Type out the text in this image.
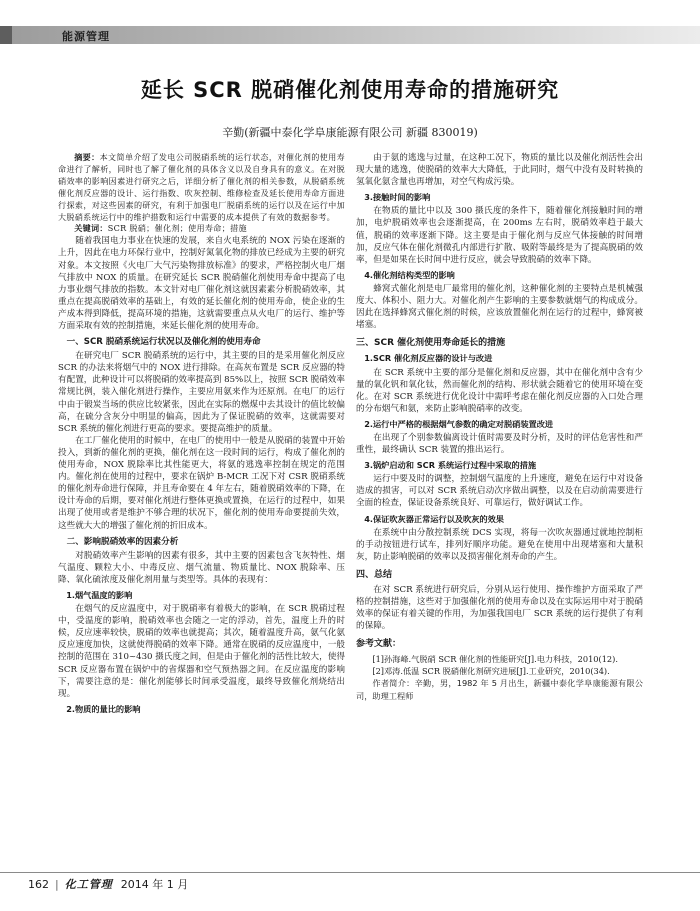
能源管理
延长 SCR 脱硝催化剂使用寿命的措施研究
辛勤(新疆中泰化学阜康能源有限公司 新疆 830019)

摘要：本文简单介绍了发电公司脱硝系统的运行状态，对催化剂的使用寿命进行了解析，同时也了解了催化剂的具体含义以及自身具有的意义。在对脱硝效率的影响因素进行研究之后，详细分析了催化剂的相关参数，从脱硝系统催化剂反应器的设计、运行指数、吹灰控制、维修检查及延长使用寿命方面进行探索，对这些因素的研究，有利于加强电厂脱硝系统的运行以及在运行中加大脱硝系统运行中的维护措数和运行中需要的成本提供了有效的数据参考。

关键词：SCR 脱硝；催化剂；使用寿命；措施

随着我国电力事业在快速的发展，来自火电系统的 NOX 污染在逐渐的上升，因此在电力环保行业中，控制好氮氧化物的排放已经成为主要的研究对象。本文按照《火电厂大气污染物排放标准》的要求，严格控制火电厂烟气排放中 NOX 的质量。在研究延长 SCR 脱硝催化剂使用寿命中提高了电力事业烟气排放的指数。本文针对电厂催化剂这就因素素分析脱硝效率，其重点在提高脱硝效率的基础上，有效的延长催化剂的使用寿命，使企业的生产成本得到降低，提高环境的措施，这就需要重点从火电厂的运行、维护等方面采取有效的控制措施，来延长催化剂的使用寿命。

一、SCR 脱硝系统运行状况以及催化剂的使用寿命

在研究电厂 SCR 脱硝系统的运行中，其主要的目的是采用催化剂反应 SCR 的办法来将烟气中的 NOX 进行排除。在高灰布置是 SCR 反应器的特有配置，此种设计可以将脱硝的效率提高到 85%以上，按照 SCR 脱硝效率常规比例，装入催化剂进行操作，主要应用氨来作为还原剂。在电厂的运行中由于锻炭当场的供应比较紧张，因此在实际的燃煤中去其设计的值比较偏高，在硫分含灰分中明显的偏高，因此为了保证脱硝的效率，这就需要对 SCR 系统的催化剂进行更高的要求。要提高维护的质量。

在工厂催化使用的时候中，在电厂的使用中一般是从脱硝的装置中开始投入，到新的催化剂的更换，催化剂在这一段时间的运行，构成了催化剂的使用寿命，NOX 脱除率比其性能更大，将氨的逃逸率控制在规定的范围内。催化剂在使用的过程中，要求在锅炉 B-MCR 工况下对 CSR 脱硝系统的催化剂寿命进行保障，并且寿命要在 4 年左右，随着脱硝效率的下降，在设计寿命的后期，要对催化剂进行整体更换或置换，在运行的过程中，如果出现了使用或者是维护不够合理的状况下，催化剂的使用寿命要提前失效，这些就大大的增强了催化剂的折旧成本。

二、影响脱硝效率的因素分析

对脱硝效率产生影响的因素有很多，其中主要的因素包含飞灰特性、烟气温度、颗粒大小、中毒反应、烟气流量、物质量比、NOX 脱除率、压降、氧化硫浓度及催化剂用量与类型等。具体的表现有：

1.烟气温度的影响

在烟气的反应温度中，对于脱硝率有着极大的影响，在 SCR 脱硝过程中，受温度的影响，脱硝效率也会随之一定的浮动，首先，温度上升的时候，反应速率较快，脱硝的效率也就提高；其次，随着温度升高，氨气化氨反应速度加快，这就使得脱硝的效率下降。通常在脱硝的反应温度中，一般控制的范围在 310~430 摄氏度之间，但是由于催化剂的活性比较大，使得 SCR 反应器布置在锅炉中的省煤器和空气预热器之间。在反应温度的影响下，需要注意的是：催化剂能够长时间承受温度，最终导致催化剂烧结出现。

2.物质的量比的影响

由于氨的逃逸与过量，在这种工况下，物质的量比以及催化剂活性会出现大量的逃逸，使脱硝的效率大大降低，于此同时，烟气中没有及时转换的氢氧化氨含量也再增加，对空气构成污染。

3.接触时间的影响

在物质的量比中以及 300 摄氏度的条件下，随着催化剂接触时间的增加，电炉脱硝效率也会逐渐提高，在 200ms 左右时，脱硝效率趋于最大值，脱硝的效率逐渐下降。这主要是由于催化剂与反应气体接触的时间增加，反应气体在催化剂微孔内部进行扩散、吸附等最终是为了提高脱硝的效率，但是如果在长时间中进行反应，就会导致脱硝的效率下降。

4.催化剂结构类型的影响

蜂窝式催化剂是电厂最常用的催化剂，这种催化剂的主要特点是机械强度大、体积小、阻力大。对催化剂产生影响的主要参数就烟气的构成成分。因此在选择蜂窝式催化剂的时候，应该放置催化剂在运行的过程中，蜂窝被堵塞。

三、SCR 催化剂使用寿命延长的措施
1.SCR 催化剂反应器的设计与改进

在 SCR 系统中主要的部分是催化剂和反应器，其中在催化剂中含有少量的氧化钒和氧化钛，然而催化剂的结构、形状就会随着它的使用环境在变化。在对 SCR 系统进行优化设计中需呼考虑在催化剂反应器的入口处合理的分布烟气和氨，来防止影响脱硝率的改变。

2.运行中严格的根据烟气参数的确定对脱硝装置改进

在出现了个别参数偏离设计值时需要及时分析，及时的评估危害性和严重性，最终确认 SCR 装置的推出运行。

3.锅炉启动和 SCR 系统运行过程中采取的措施

运行中要及时的调整，控制烟气温度的上升速度，避免在运行中对设备造成的损害，可以对 SCR 系统启动次序做出调整，以及在启动前需要进行全面的检查，保证设备系统良好、可靠运行，做好调试工作。

4.保证吹灰器正常运行以及吹灰的效果

在系统中由分散控制系统 DCS 实现，将每一次吹灰器通过就地控制柜的手动按钮进行试车，排列好顺序功能。避免在使用中出现堵塞和大量积灰，防止影响脱硝的效率以及损害催化剂寿命的产生。

四、总结

在对 SCR 系统进行研究后，分别从运行使用、操作维护方面采取了严格的控制措施，这些对于加强催化剂的使用寿命以及在实际运用中对于脱硝效率的保证有着关键的作用，为加强我国电厂 SCR 系统的运行提供了有利的保障。

参考文献：

[1]孙海峰.气脱硝 SCR 催化剂的性能研究[J].电力科技，2010(12).

[2]邓涛.低温 SCR 脱硝催化剂研究进展[J].工业研究，2010(34).

作者简介：辛勤，男，1982 年 5 月出生，新疆中泰化学阜康能源有限公司，助理工程师

162 | 化工管理 2014 年 1 月
